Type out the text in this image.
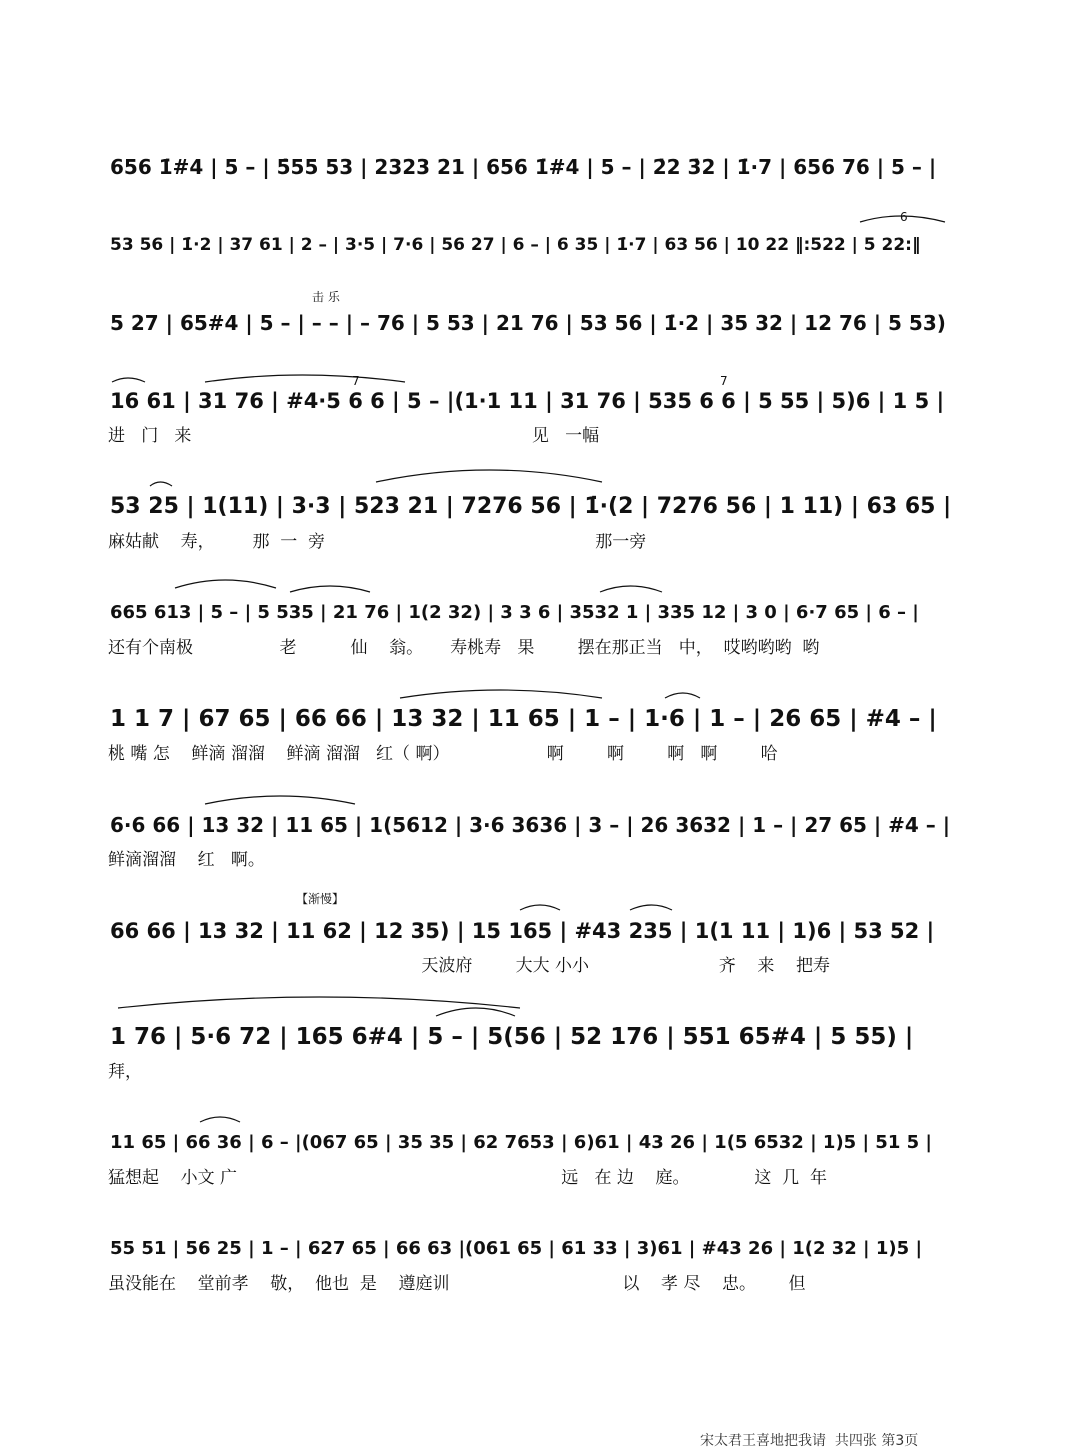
656 1̇#4 | 5 – | 5̇55 53 | 2323 21 | 656 1̇#4 | 5 – | 2̇2 3̇2 | 1̇·7 | 656 76 | 5 – |
6
53 56 | 1̇·2 | 37 61 | 2 – | 3·5 | 7·6 | 56 27 | 6 – | 6 35 | 1̇·7 | 63 56 | 10 22 ‖:522 | 5 22:‖
击 乐
5 27 | 65#4 | 5 – | – – | – 76 | 5 53 | 21 76 | 53 56 | 1̇·2 | 35 32 | 12 76 | 5 53)
7	7
16 61 | 31 76 | #4·5 6 6 | 5 – |(1·1 11 | 31 76 | 535 6 6 | 5 55 | 5)6 | 1 5 |
进   门   来                                                               见   一幅
53 25 | 1(11) | 3·3 | 523 21 | 7276 56 | 1̇·(2 | 7276 56 | 1 11) | 63 65 |
麻姑献    寿，       那  一  旁                                                  那一旁
665 613 | 5 – | 5 535 | 21 76 | 1(2 32) | 3 3 6 | 3532 1 | 335 12 | 3 0 | 6·7 65 | 6 – |
还有个南极                老          仙    翁。     寿桃寿   果        摆在那正当   中，  哎哟哟哟  哟
1 1 7 | 67 65 | 66 66 | 13 32 | 11 65 | 1 – | 1·6 | 1 – | 26 65 | #4 – |
桃 嘴 怎    鲜滴 溜溜    鲜滴 溜溜   红（ 啊）                  啊        啊        啊   啊        哈
6·6 66 | 13 32 | 11 65 | 1(5612 | 3·6 3636 | 3 – | 26 3632 | 1 – | 27 65 | #4 – |
鲜滴溜溜    红   啊。
【渐慢】
66 66 | 13 32 | 11 62 | 12 35) | 15 165 | #43 235 | 1(1 11 | 1)6 | 53 52 |
天波府        大大 小小                        齐    来    把寿
1 76 | 5·6 72 | 165 6#4 | 5 – | 5(56 | 52 176 | 551 65#4 | 5 55) |
拜，
11 65 | 66 36 | 6 – |(067 65 | 35 35 | 62 7653 | 6)61 | 43 26 | 1(5 6532 | 1)5 | 51 5 |
猛想起    小文 广                                                            远   在 边    庭。            这  几  年
55 51 | 56 25 | 1 – | 627 65 | 66 63 |(061 65 | 61 33 | 3)61 | #43 26 | 1(2 32 | 1)5 |
虽没能在    堂前孝    敬，  他也  是    遵庭训                                以    孝 尽    忠。      但
宋太君王喜地把我请  共四张 第3页
